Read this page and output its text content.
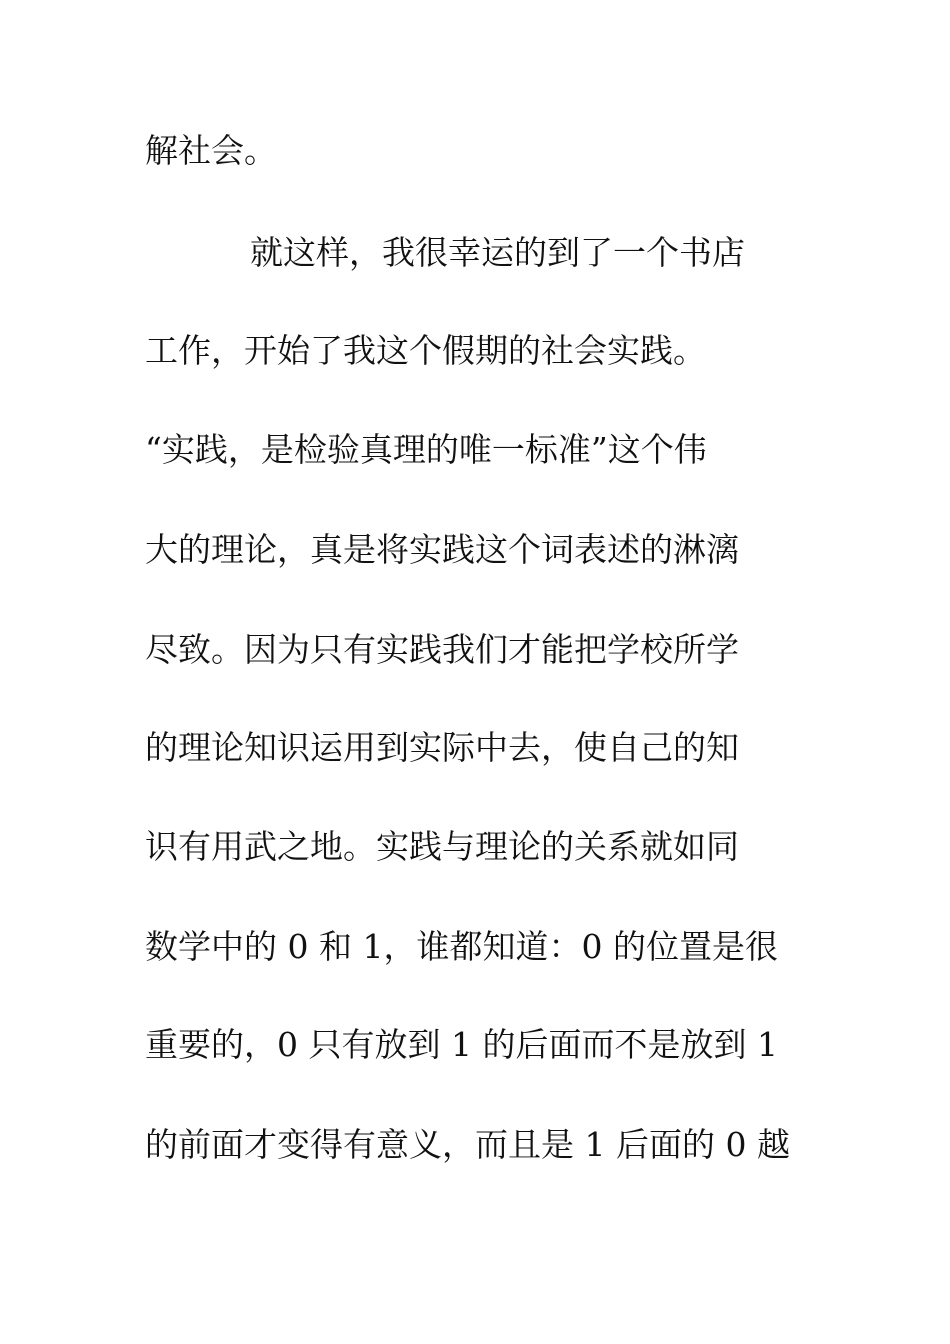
解社会。
就这样，我很幸运的到了一个书店
工作，开始了我这个假期的社会实践。
“实践，是检验真理的唯一标准”这个伟
大的理论，真是将实践这个词表述的淋漓
尽致。因为只有实践我们才能把学校所学
的理论知识运用到实际中去，使自己的知
识有用武之地。实践与理论的关系就如同
数学中的 0 和 1，谁都知道：0 的位置是很
重要的，0 只有放到 1 的后面而不是放到 1
的前面才变得有意义，而且是 1 后面的 0 越
